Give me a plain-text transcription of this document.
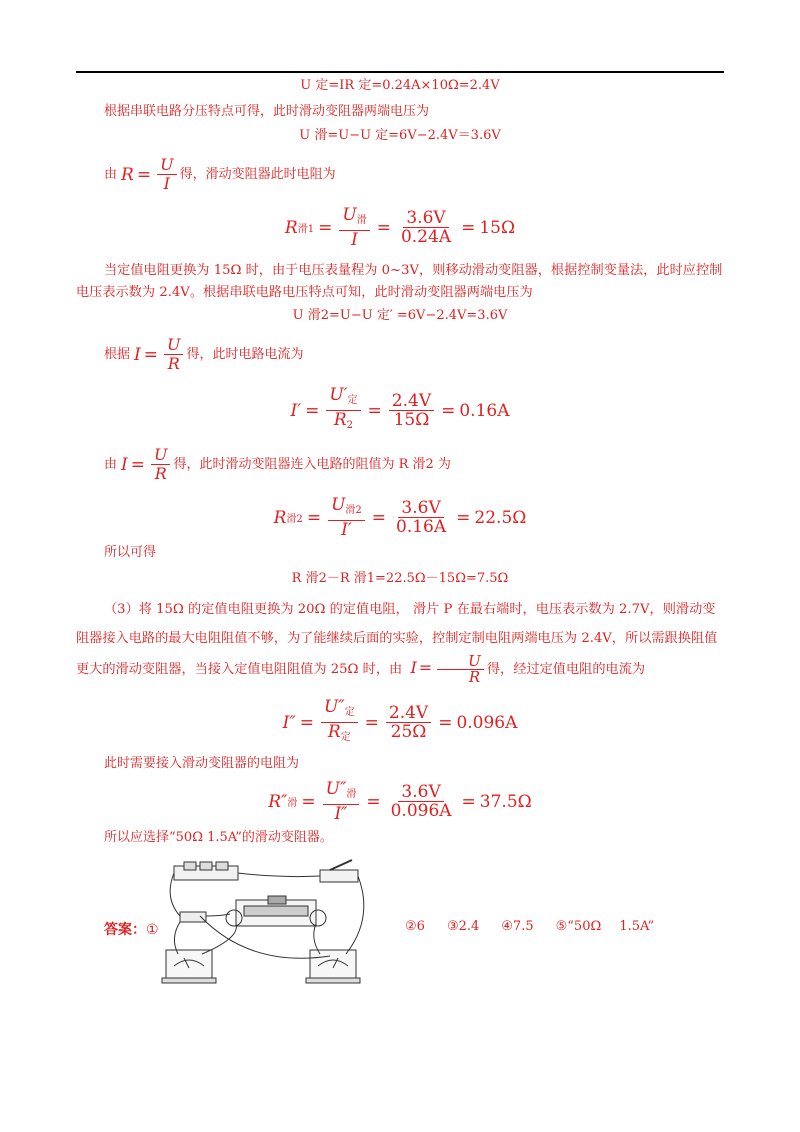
U 定=IR 定=0.24A×10Ω=2.4V
根据串联电路分压特点可得，此时滑动变阻器两端电压为
U 滑=U−U 定=6V−2.4V＝3.6V
由 $R = \frac{U}{I}$ 得，滑动变阻器此时电阻为
R 滑$1 = \frac{U_滑}{I} = \frac{3.6V}{0.24A} = 15\Omega$
当定值电阻更换为 15Ω 时，由于电压表量程为 0~3V，则移动滑动变阻器，根据控制变量法，此时应控制电压表示数为 2.4V。根据串联电路电压特点可知，此时滑动变阻器两端电压为
U 滑2=U−U 定′ =6V−2.4V=3.6V
根据 $I = \frac{U}{R}$ 得，此时电路电流为
$I' = \frac{U'_定}{R_2} = \frac{2.4V}{15\Omega} = 0.16A$
由 $I = \frac{U}{R}$ 得，此时滑动变阻器连入电路的阻值为 R 滑2 为
R 滑$2 = \frac{U_{滑2}}{I'} = \frac{3.6V}{0.16A} = 22.5\Omega$
所以可得
R 滑2－R 滑1=22.5Ω－15Ω=7.5Ω
（3）将 15Ω 的定值电阻更换为 20Ω 的定值电阻， 滑片 P 在最右端时，电压表示数为 2.7V，则滑动变阻器接入电路的最大电阻阻值不够，为了能继续后面的实验，控制定制电阻两端电压为 2.4V，所以需跟换阻值更大的滑动变阻器，当接入定值电阻阻值为 25Ω 时，由 $I = \frac{U}{R}$ 得，经过定值电阻的电流为
$I'' = \frac{U''_定}{R_定} = \frac{2.4V}{25\Omega} = 0.096A$
此时需要接入滑动变阻器的电阻为
R″ 滑 = $\frac{U''_滑}{I''} = \frac{3.6V}{0.096A} = 37.5\Omega$
所以应选择“50Ω 1.5A”的滑动变阻器。
答案：①	②6 ③2.4 ④7.5 ⑤“50Ω 1.5A”
